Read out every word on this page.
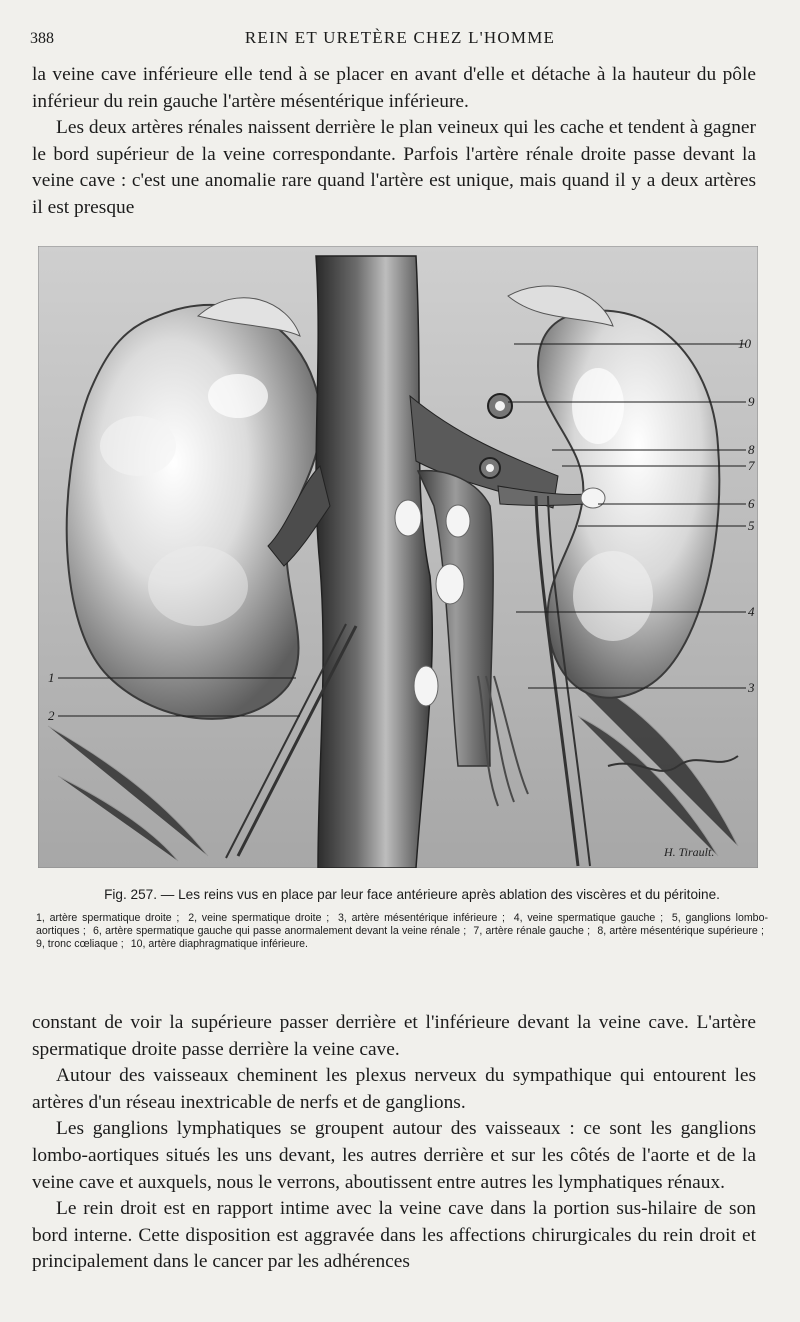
388	REIN ET URETÈRE CHEZ L'HOMME

la veine cave inférieure elle tend à se placer en avant d'elle et détache à la hauteur du pôle inférieur du rein gauche l'artère mésentérique inférieure.

Les deux artères rénales naissent derrière le plan veineux qui les cache et tendent à gagner le bord supérieur de la veine correspondante. Parfois l'artère rénale droite passe devant la veine cave : c'est une anomalie rare quand l'artère est unique, mais quand il y a deux artères il est presque

1
2
3
4
5
6
7
8
9
10
H. Tirault.

Fig. 257. — Les reins vus en place par leur face antérieure après ablation des viscères et du péritoine.

1, artère spermatique droite ; 2, veine spermatique droite ; 3, artère mésentérique inférieure ; 4, veine spermatique gauche ; 5, ganglions lombo-aortiques ; 6, artère spermatique gauche qui passe anormalement devant la veine rénale ; 7, artère rénale gauche ; 8, artère mésentérique supérieure ; 9, tronc cœliaque ; 10, artère diaphragmatique inférieure.

constant de voir la supérieure passer derrière et l'inférieure devant la veine cave. L'artère spermatique droite passe derrière la veine cave.

Autour des vaisseaux cheminent les plexus nerveux du sympathique qui entourent les artères d'un réseau inextricable de nerfs et de ganglions.

Les ganglions lymphatiques se groupent autour des vaisseaux : ce sont les ganglions lombo-aortiques situés les uns devant, les autres derrière et sur les côtés de l'aorte et de la veine cave et auxquels, nous le verrons, aboutissent entre autres les lymphatiques rénaux.

Le rein droit est en rapport intime avec la veine cave dans la portion sus-hilaire de son bord interne. Cette disposition est aggravée dans les affections chirurgicales du rein droit et principalement dans le cancer par les adhérences
